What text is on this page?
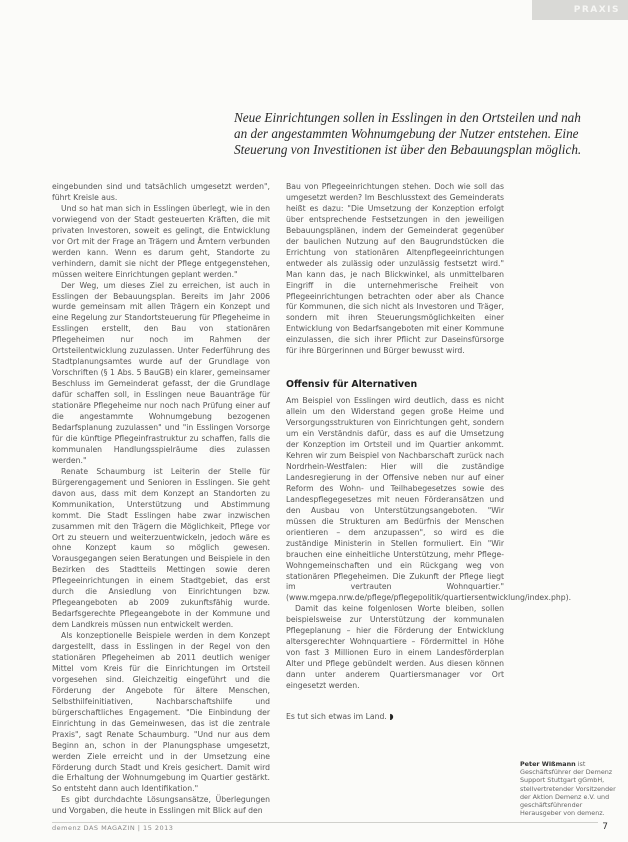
PRAXIS
Neue Einrichtungen sollen in Esslingen in den Ortsteilen und nah an der angestammten Wohnumgebung der Nutzer entstehen. Eine Steuerung von Investitionen ist über den Bebauungsplan möglich.

eingebunden sind und tatsächlich umgesetzt werden", führt Kreisle aus.

Und so hat man sich in Esslingen überlegt, wie in den vorwiegend von der Stadt gesteuerten Kräften, die mit privaten Investoren, soweit es gelingt, die Entwicklung vor Ort mit der Frage an Trägern und Ämtern verbunden werden kann. Wenn es darum geht, Standorte zu verhindern, damit sie nicht der Pflege entgegenstehen, müssen weitere Einrichtungen geplant werden."

Der Weg, um dieses Ziel zu erreichen, ist auch in Esslingen der Bebauungsplan. Bereits im Jahr 2006 wurde gemeinsam mit allen Trägern ein Konzept und eine Regelung zur Standortsteuerung für Pflegeheime in Esslingen erstellt, den Bau von stationären Pflegeheimen nur noch im Rahmen der Ortsteilentwicklung zuzulassen. Unter Federführung des Stadtplanungsamtes wurde auf der Grundlage von Vorschriften (§ 1 Abs. 5 BauGB) ein klarer, gemeinsamer Beschluss im Gemeinderat gefasst, der die Grundlage dafür schaffen soll, in Esslingen neue Bauanträge für stationäre Pflegeheime nur noch nach Prüfung einer auf die angestammte Wohnumgebung bezogenen Bedarfsplanung zuzulassen" und "in Esslingen Vorsorge für die künftige Pflegeinfrastruktur zu schaffen, falls die kommunalen Handlungsspielräume dies zulassen werden."

Renate Schaumburg ist Leiterin der Stelle für Bürgerengagement und Senioren in Esslingen. Sie geht davon aus, dass mit dem Konzept an Standorten zu Kommunikation, Unterstützung und Abstimmung kommt. Die Stadt Esslingen habe zwar inzwischen zusammen mit den Trägern die Möglichkeit, Pflege vor Ort zu steuern und weiterzuentwickeln, jedoch wäre es ohne Konzept kaum so möglich gewesen. Vorausgegangen seien Beratungen und Beispiele in den Bezirken des Stadtteils Mettingen sowie deren Pflegeeinrichtungen in einem Stadtgebiet, das erst durch die Ansiedlung von Einrichtungen bzw. Pflegeangeboten ab 2009 zukunftsfähig wurde. Bedarfsgerechte Pflegeangebote in der Kommune und dem Landkreis müssen nun entwickelt werden.

Als konzeptionelle Beispiele werden in dem Konzept dargestellt, dass in Esslingen in der Regel von den stationären Pflegeheimen ab 2011 deutlich weniger Mittel vom Kreis für die Einrichtungen im Ortsteil vorgesehen sind. Gleichzeitig eingeführt und die Förderung der Angebote für ältere Menschen, Selbsthilfeinitiativen, Nachbarschaftshilfe und bürgerschaftliches Engagement. "Die Einbindung der Einrichtung in das Gemeinwesen, das ist die zentrale Praxis", sagt Renate Schaumburg. "Und nur aus dem Beginn an, schon in der Planungsphase umgesetzt, werden Ziele erreicht und in der Umsetzung eine Förderung durch Stadt und Kreis gesichert. Damit wird die Erhaltung der Wohnumgebung im Quartier gestärkt. So entsteht dann auch Identifikation."

Es gibt durchdachte Lösungsansätze, Überlegungen und Vorgaben, die heute in Esslingen mit Blick auf den

Bau von Pflegeeinrichtungen stehen. Doch wie soll das umgesetzt werden? Im Beschlusstext des Gemeinderats heißt es dazu: "Die Umsetzung der Konzeption erfolgt über entsprechende Festsetzungen in den jeweiligen Bebauungsplänen, indem der Gemeinderat gegenüber der baulichen Nutzung auf den Baugrundstücken die Errichtung von stationären Altenpflegeeinrichtungen entweder als zulässig oder unzulässig festsetzt wird." Man kann das, je nach Blickwinkel, als unmittelbaren Eingriff in die unternehmerische Freiheit von Pflegeeinrichtungen betrachten oder aber als Chance für Kommunen, die sich nicht als Investoren und Träger, sondern mit ihren Steuerungsmöglichkeiten einer Entwicklung von Bedarfsangeboten mit einer Kommune einzulassen, die sich ihrer Pflicht zur Daseinsfürsorge für ihre Bürgerinnen und Bürger bewusst wird.

Offensiv für Alternativen

Am Beispiel von Esslingen wird deutlich, dass es nicht allein um den Widerstand gegen große Heime und Versorgungsstrukturen von Einrichtungen geht, sondern um ein Verständnis dafür, dass es auf die Umsetzung der Konzeption im Ortsteil und im Quartier ankommt. Kehren wir zum Beispiel von Nachbarschaft zurück nach Nordrhein-Westfalen: Hier will die zuständige Landesregierung in der Offensive neben nur auf einer Reform des Wohn- und Teilhabegesetzes sowie des Landespflegegesetzes mit neuen Förderansätzen und den Ausbau von Unterstützungsangeboten. "Wir müssen die Strukturen am Bedürfnis der Menschen orientieren – dem anzupassen", so wird es die zuständige Ministerin in Stellen formuliert. Ein "Wir brauchen eine einheitliche Unterstützung, mehr Pflege-Wohngemeinschaften und ein Rückgang weg von stationären Pflegeheimen. Die Zukunft der Pflege liegt im vertrauten Wohnquartier." (www.mgepa.nrw.de/pflege/pflegepolitik/quartiersentwicklung/index.php).

Damit das keine folgenlosen Worte bleiben, sollen beispielsweise zur Unterstützung der kommunalen Pflegeplanung – hier die Förderung der Entwicklung altersgerechter Wohnquartiere – Fördermittel in Höhe von fast 3 Millionen Euro in einem Landesförderplan Alter und Pflege gebündelt werden. Aus diesen können dann unter anderem Quartiersmanager vor Ort eingesetzt werden.

Es tut sich etwas im Land. ◗

Peter Wißmann ist Geschäftsführer der Demenz Support Stuttgart gGmbH, stellvertretender Vorsitzender der Aktion Demenz e.V. und geschäftsführender Herausgeber von demenz.
demenz DAS MAGAZIN | 15 2013	7
